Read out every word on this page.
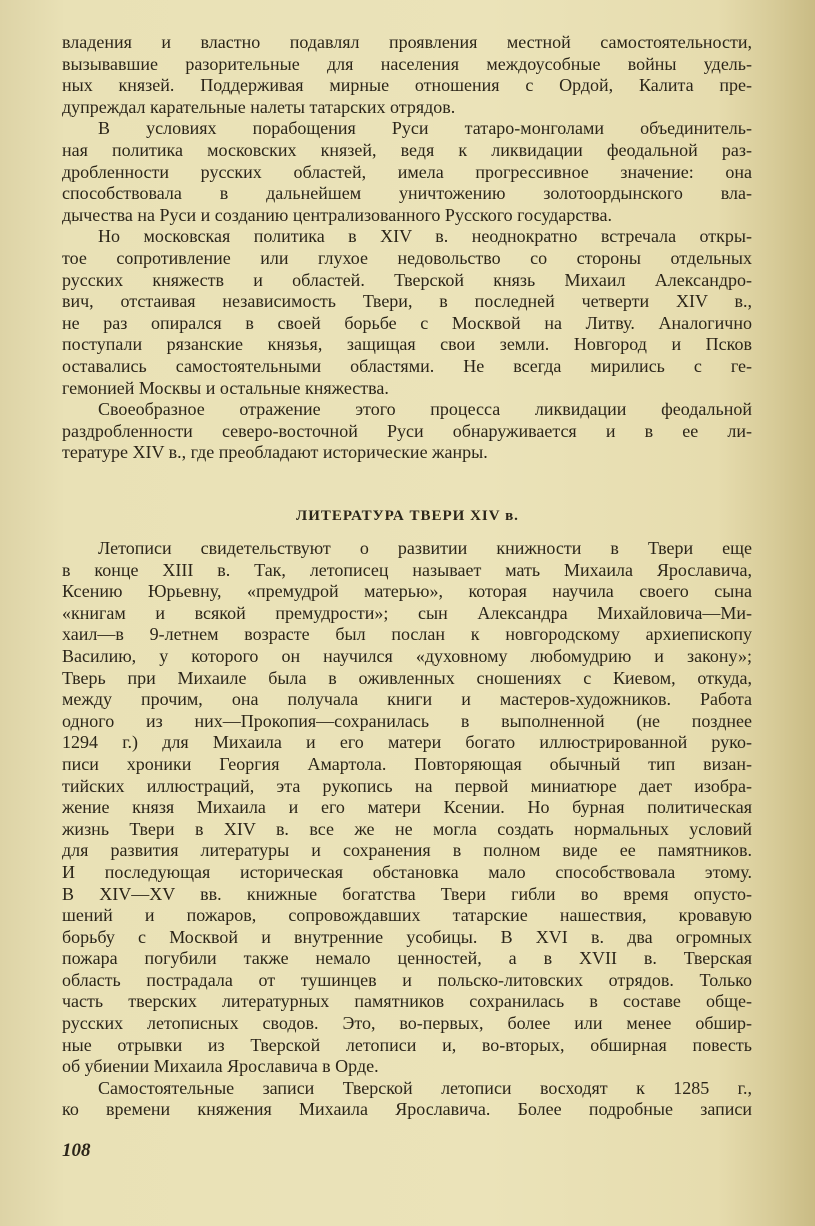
владения и властно подавлял проявления местной самостоятельности,
вызывавшие разорительные для населения междоусобные войны удель-
ных князей. Поддерживая мирные отношения с Ордой, Калита пре-
дупреждал карательные налеты татарских отрядов.
В условиях порабощения Руси татаро-монголами объединитель-
ная политика московских князей, ведя к ликвидации феодальной раз-
дробленности русских областей, имела прогрессивное значение: она
способствовала в дальнейшем уничтожению золотоордынского вла-
дычества на Руси и созданию централизованного Русского государства.
Но московская политика в XIV в. неоднократно встречала откры-
тое сопротивление или глухое недовольство со стороны отдельных
русских княжеств и областей. Тверской князь Михаил Александро-
вич, отстаивая независимость Твери, в последней четверти XIV в.,
не раз опирался в своей борьбе с Москвой на Литву. Аналогично
поступали рязанские князья, защищая свои земли. Новгород и Псков
оставались самостоятельными областями. Не всегда мирились с ге-
гемонией Москвы и остальные княжества.
Своеобразное отражение этого процесса ликвидации феодальной
раздробленности северо-восточной Руси обнаруживается и в ее ли-
тературе XIV в., где преобладают исторические жанры.
ЛИТЕРАТУРА ТВЕРИ XIV в.
Летописи свидетельствуют о развитии книжности в Твери еще
в конце XIII в. Так, летописец называет мать Михаила Ярославича,
Ксению Юрьевну, «премудрой матерью», которая научила своего сына
«книгам и всякой премудрости»; сын Александра Михайловича—Ми-
хаил—в 9-летнем возрасте был послан к новгородскому архиепископу
Василию, у которого он научился «духовному любомудрию и закону»;
Тверь при Михаиле была в оживленных сношениях с Киевом, откуда,
между прочим, она получала книги и мастеров-художников. Работа
одного из них—Прокопия—сохранилась в выполненной (не позднее
1294 г.) для Михаила и его матери богато иллюстрированной руко-
писи хроники Георгия Амартола. Повторяющая обычный тип визан-
тийских иллюстраций, эта рукопись на первой миниатюре дает изобра-
жение князя Михаила и его матери Ксении. Но бурная политическая
жизнь Твери в XIV в. все же не могла создать нормальных условий
для развития литературы и сохранения в полном виде ее памятников.
И последующая историческая обстановка мало способствовала этому.
В XIV—XV вв. книжные богатства Твери гибли во время опусто-
шений и пожаров, сопровождавших татарские нашествия, кровавую
борьбу с Москвой и внутренние усобицы. В XVI в. два огромных
пожара погубили также немало ценностей, а в XVII в. Тверская
область пострадала от тушинцев и польско-литовских отрядов. Только
часть тверских литературных памятников сохранилась в составе обще-
русских летописных сводов. Это, во-первых, более или менее обшир-
ные отрывки из Тверской летописи и, во-вторых, обширная повесть
об убиении Михаила Ярославича в Орде.
Самостоятельные записи Тверской летописи восходят к 1285 г.,
ко времени княжения Михаила Ярославича. Более подробные записи
108
